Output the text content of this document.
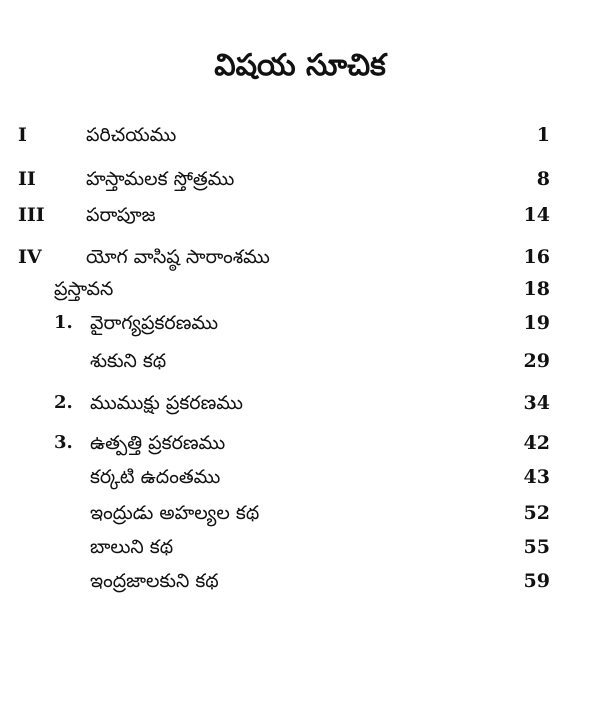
విషయ సూచిక
I	పరిచయము	1
II	హస్తామలక స్తోత్రము	8
III పరాపూజ	14
IV యోగ వాసిష్ఠ సారాంశము	16
ప్రస్తావన	18
1. వైరాగ్యప్రకరణము	19
శుకుని కథ	29
2. ముముక్షు ప్రకరణము	34
3. ఉత్పత్తి ప్రకరణము	42
కర్కటి ఉదంతము	43
ఇంద్రుడు అహల్యల కథ	52
బాలుని కథ	55
ఇంద్రజాలకుని కథ	59
